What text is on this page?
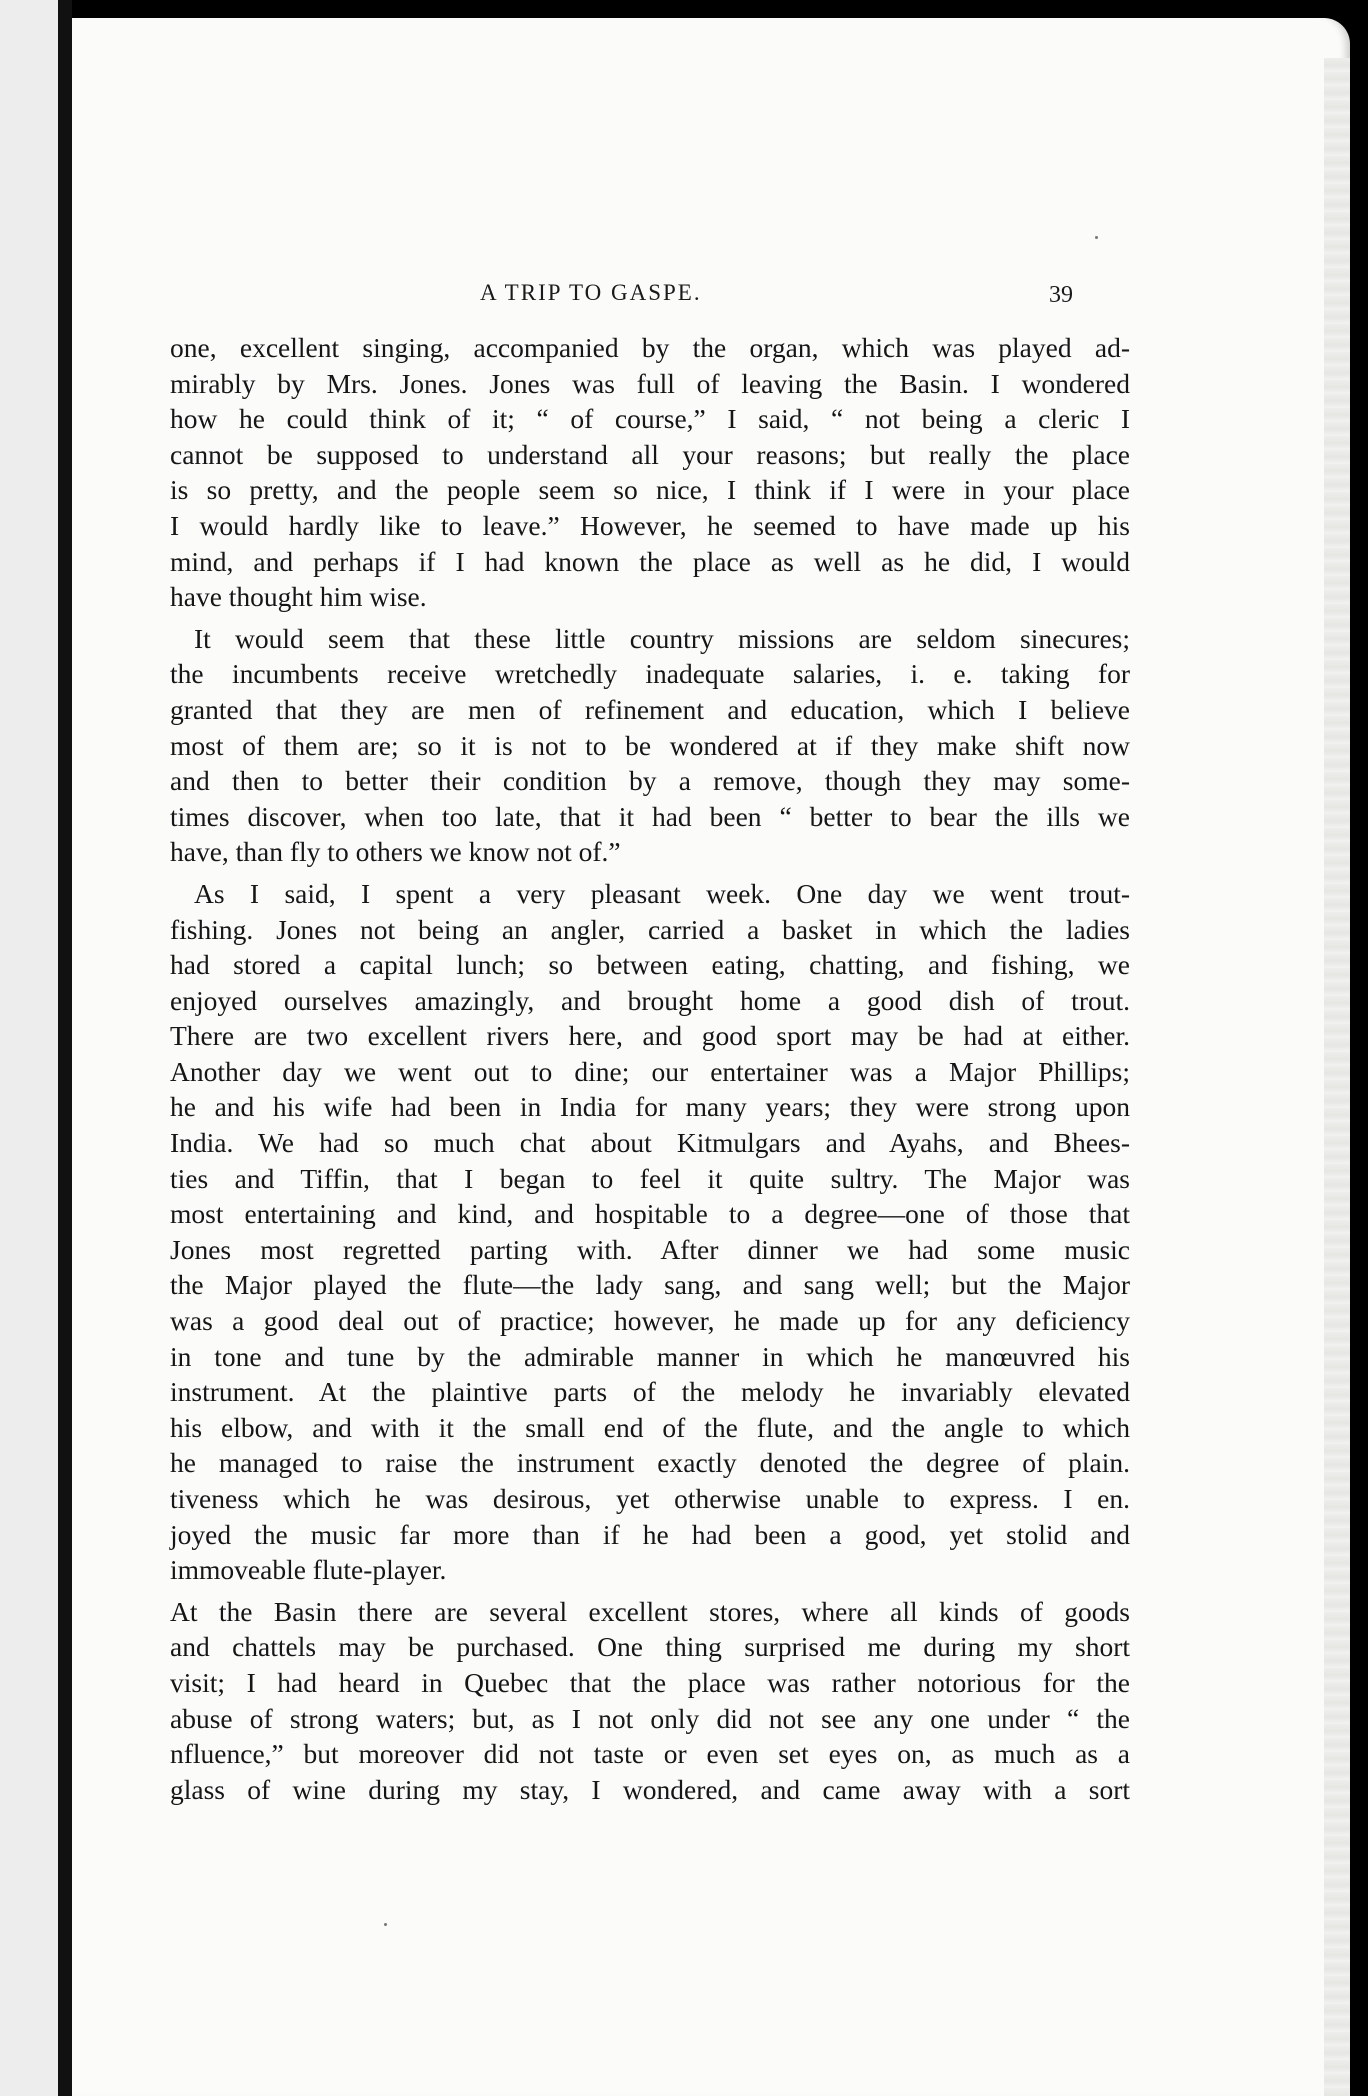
A TRIP TO GASPE.	39
one, excellent singing, accompanied by the organ, which was played ad-
mirably by Mrs. Jones. Jones was full of leaving the Basin. I wondered
how he could think of it; “ of course,” I said, “ not being a cleric I
cannot be supposed to understand all your reasons; but really the place
is so pretty, and the people seem so nice, I think if I were in your place
I would hardly like to leave.” However, he seemed to have made up his
mind, and perhaps if I had known the place as well as he did, I would
have thought him wise.
It would seem that these little country missions are seldom sinecures;
the incumbents receive wretchedly inadequate salaries, i. e. taking for
granted that they are men of refinement and education, which I believe
most of them are; so it is not to be wondered at if they make shift now
and then to better their condition by a remove, though they may some-
times discover, when too late, that it had been “ better to bear the ills we
have, than fly to others we know not of.”
As I said, I spent a very pleasant week. One day we went trout-
fishing. Jones not being an angler, carried a basket in which the ladies
had stored a capital lunch; so between eating, chatting, and fishing, we
enjoyed ourselves amazingly, and brought home a good dish of trout.
There are two excellent rivers here, and good sport may be had at either.
Another day we went out to dine; our entertainer was a Major Phillips;
he and his wife had been in India for many years; they were strong upon
India. We had so much chat about Kitmulgars and Ayahs, and Bhees-
ties and Tiffin, that I began to feel it quite sultry. The Major was
most entertaining and kind, and hospitable to a degree—one of those that
Jones most regretted parting with. After dinner we had some music
the Major played the flute—the lady sang, and sang well; but the Major
was a good deal out of practice; however, he made up for any deficiency
in tone and tune by the admirable manner in which he manœuvred his
instrument. At the plaintive parts of the melody he invariably elevated
his elbow, and with it the small end of the flute, and the angle to which
he managed to raise the instrument exactly denoted the degree of plain.
tiveness which he was desirous, yet otherwise unable to express. I en.
joyed the music far more than if he had been a good, yet stolid and
immoveable flute-player.
At the Basin there are several excellent stores, where all kinds of goods
and chattels may be purchased. One thing surprised me during my short
visit; I had heard in Quebec that the place was rather notorious for the
abuse of strong waters; but, as I not only did not see any one under “ the
nfluence,” but moreover did not taste or even set eyes on, as much as a
glass of wine during my stay, I wondered, and came away with a sort
